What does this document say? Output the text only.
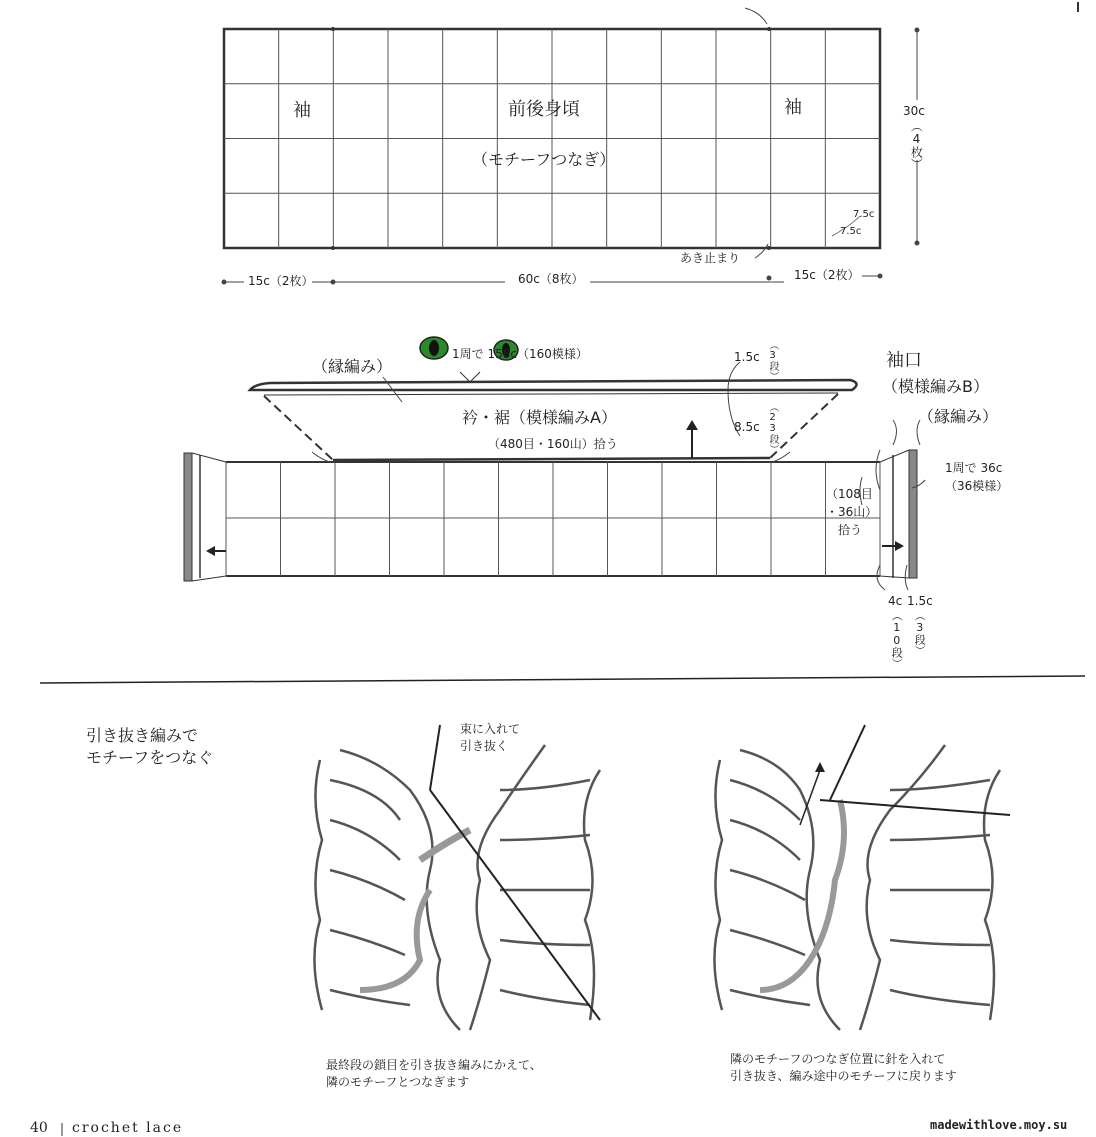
袖	前後身頃
（モチーフつなぎ）
袖	30c
（4枚）
7.5c
7.5c
あき止まり
15c（2枚）	60c（8枚）	15c（2枚）
（縁編み）
1周で 158c（160模様）
衿・裾（模様編みA）
（480目・160山）拾う
1.5c （3段）
8.5c （23段）
袖口
（模様編みB）
（縁編み）
1周で 36c
（36模様）
（108目
・36山）
拾う
4c
（10段）
1.5c
（3段）
引き抜き編みで
モチーフをつなぐ
束に入れて
引き抜く
最終段の鎖目を引き抜き編みにかえて、
隣のモチーフとつなぎます
隣のモチーフのつなぎ位置に針を入れて
引き抜き、編み途中のモチーフに戻ります
40 crochet lace	madewithlove.moy.su
